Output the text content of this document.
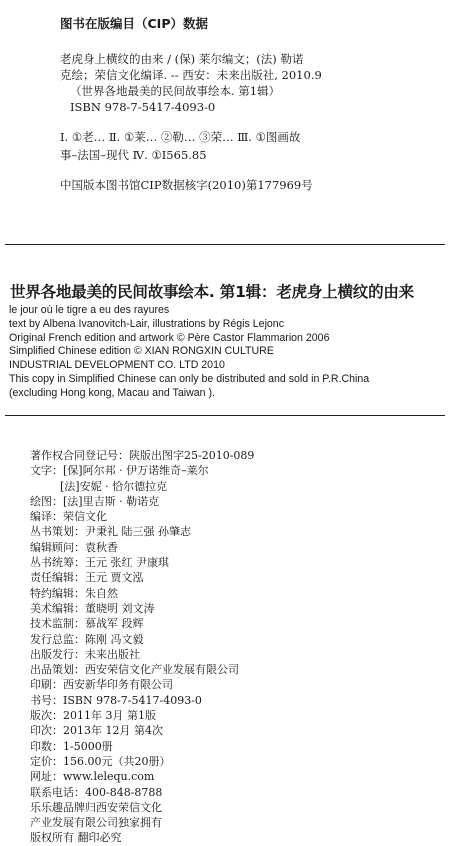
图书在版编目（CIP）数据
老虎身上横纹的由来 / (保) 莱尔编文；(法) 勒诺
克绘；荣信文化编译. -- 西安：未来出版社, 2010.9
（世界各地最美的民间故事绘本. 第1辑）
ISBN 978-7-5417-4093-0
Ⅰ. ①老… Ⅱ. ①莱… ②勒… ③荣… Ⅲ. ①图画故
事–法国–现代 Ⅳ. ①I565.85
中国版本图书馆CIP数据核字(2010)第177969号
世界各地最美的民间故事绘本. 第1辑：老虎身上横纹的由来
le jour où le tigre a eu des rayures
text by Albena Ivanovitch-Lair, illustrations by Régis Lejonc
Original French edition and artwork © Père Castor Flammarion 2006
Simplified Chinese edition © XIAN RONGXIN CULTURE
INDUSTRIAL DEVELOPMENT CO. LTD 2010
This copy in Simplified Chinese can only be distributed and sold in P.R.China
(excluding Hong kong, Macau and Taiwan ).
著作权合同登记号：陕版出图字25-2010-089
文字：[保]阿尔邦 · 伊万诺维奇–莱尔
[法]安妮 · 恰尔德拉克
绘图：[法]里吉斯 · 勒诺克
编译：荣信文化
丛书策划：尹秉礼 陆三强 孙肇志
编辑顾问：袁秋香
丛书统筹：王元 张红 尹康琪
责任编辑：王元 贾文泓
特约编辑：朱自然
美术编辑：董晓明 刘文涛
技术监制：慕战军 段辉
发行总监：陈刚 冯文毅
出版发行：未来出版社
出品策划：西安荣信文化产业发展有限公司
印刷：西安新华印务有限公司
书号：ISBN 978-7-5417-4093-0
版次：2011年 3月 第1版
印次：2013年 12月 第4次
印数：1-5000册
定价：156.00元（共20册）
网址：www.lelequ.com
联系电话：400-848-8788
乐乐趣品牌归西安荣信文化
产业发展有限公司独家拥有
版权所有 翻印必究
